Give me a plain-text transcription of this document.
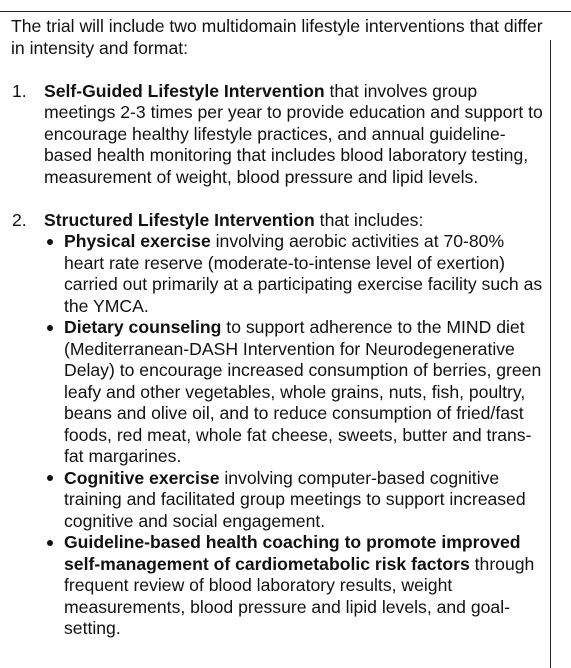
The trial will include two multidomain lifestyle interventions that differ in intensity and format:

1. Self-Guided Lifestyle Intervention that involves group meetings 2-3 times per year to provide education and support to encourage healthy lifestyle practices, and annual guideline-based health monitoring that includes blood laboratory testing, measurement of weight, blood pressure and lipid levels.
2. Structured Lifestyle Intervention that includes:
Physical exercise involving aerobic activities at 70-80% heart rate reserve (moderate-to-intense level of exertion) carried out primarily at a participating exercise facility such as the YMCA.
Dietary counseling to support adherence to the MIND diet (Mediterranean-DASH Intervention for Neurodegenerative Delay) to encourage increased consumption of berries, green leafy and other vegetables, whole grains, nuts, fish, poultry, beans and olive oil, and to reduce consumption of fried/fast foods, red meat, whole fat cheese, sweets, butter and trans-fat margarines.
Cognitive exercise involving computer-based cognitive training and facilitated group meetings to support increased cognitive and social engagement.
Guideline-based health coaching to promote improved self-management of cardiometabolic risk factors through frequent review of blood laboratory results, weight measurements, blood pressure and lipid levels, and goal-setting.
